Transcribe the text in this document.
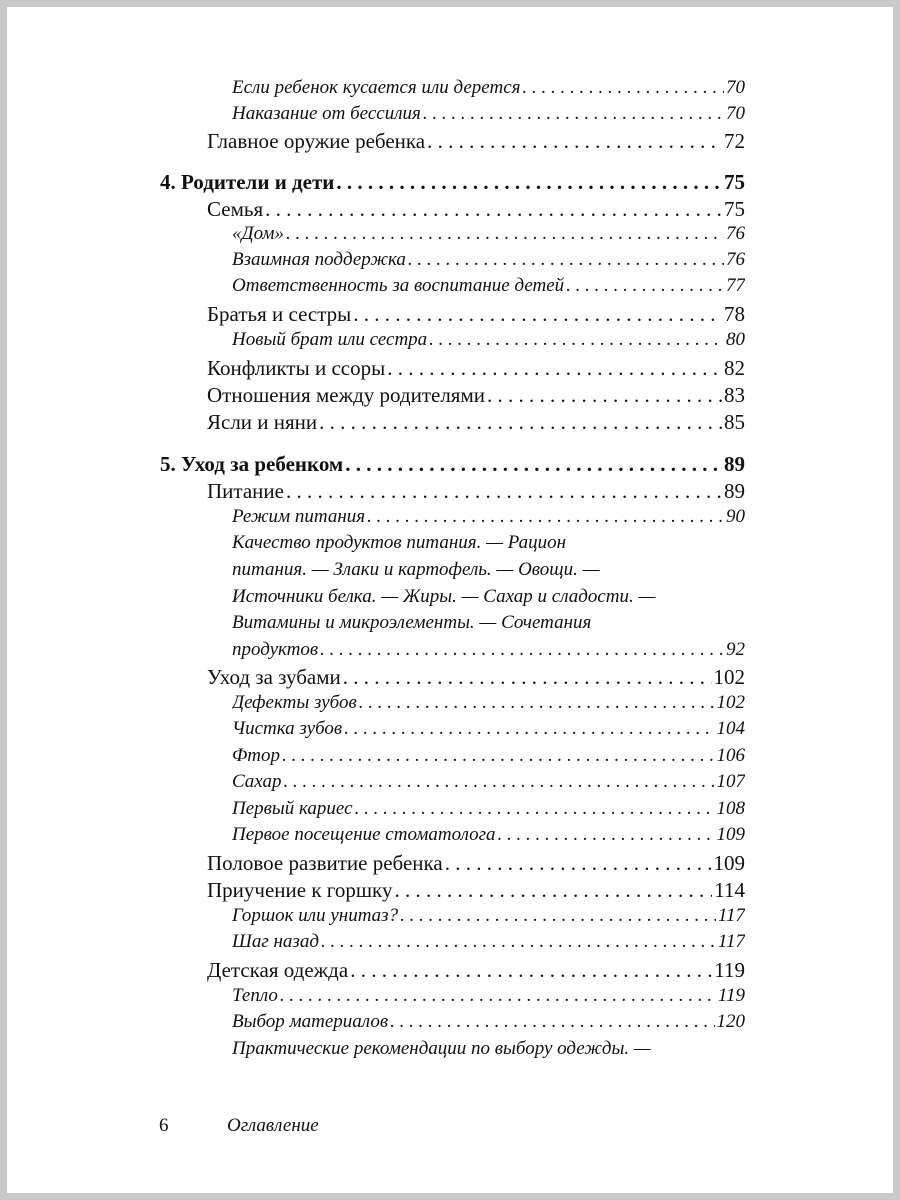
Если ребенок кусается или дерется . . .	70
Наказание от бессилия . . .	70
Главное оружие ребенка . . .	72
4. Родители и дети . . .	75
Семья . . .	75
«Дом» . . .	76
Взаимная поддержка . . .	76
Ответственность за воспитание детей . . .	77
Братья и сестры . . .	78
Новый брат или сестра . . .	80
Конфликты и ссоры . . .	82
Отношения между родителями . . .	83
Ясли и няни . . .	85
5. Уход за ребенком . . .	89
Питание . . .	89
Режим питания . . .	90
Качество продуктов питания. — Рацион
питания. — Злаки и картофель. — Овощи. —
Источники белка. — Жиры. — Сахар и сладости. —
Витамины и микроэлементы. — Сочетания
продуктов . . .	92
Уход за зубами . . .	102
Дефекты зубов . . .	102
Чистка зубов . . .	104
Фтор . . .	106
Сахар . . .	107
Первый кариес . . .	108
Первое посещение стоматолога . . .	109
Половое развитие ребенка . . .	109
Приучение к горшку . . .	114
Горшок или унитаз? . . .	117
Шаг назад . . .	117
Детская одежда . . .	119
Тепло . . .	119
Выбор материалов . . .	120
Практические рекомендации по выбору одежды. —
6	Оглавление
